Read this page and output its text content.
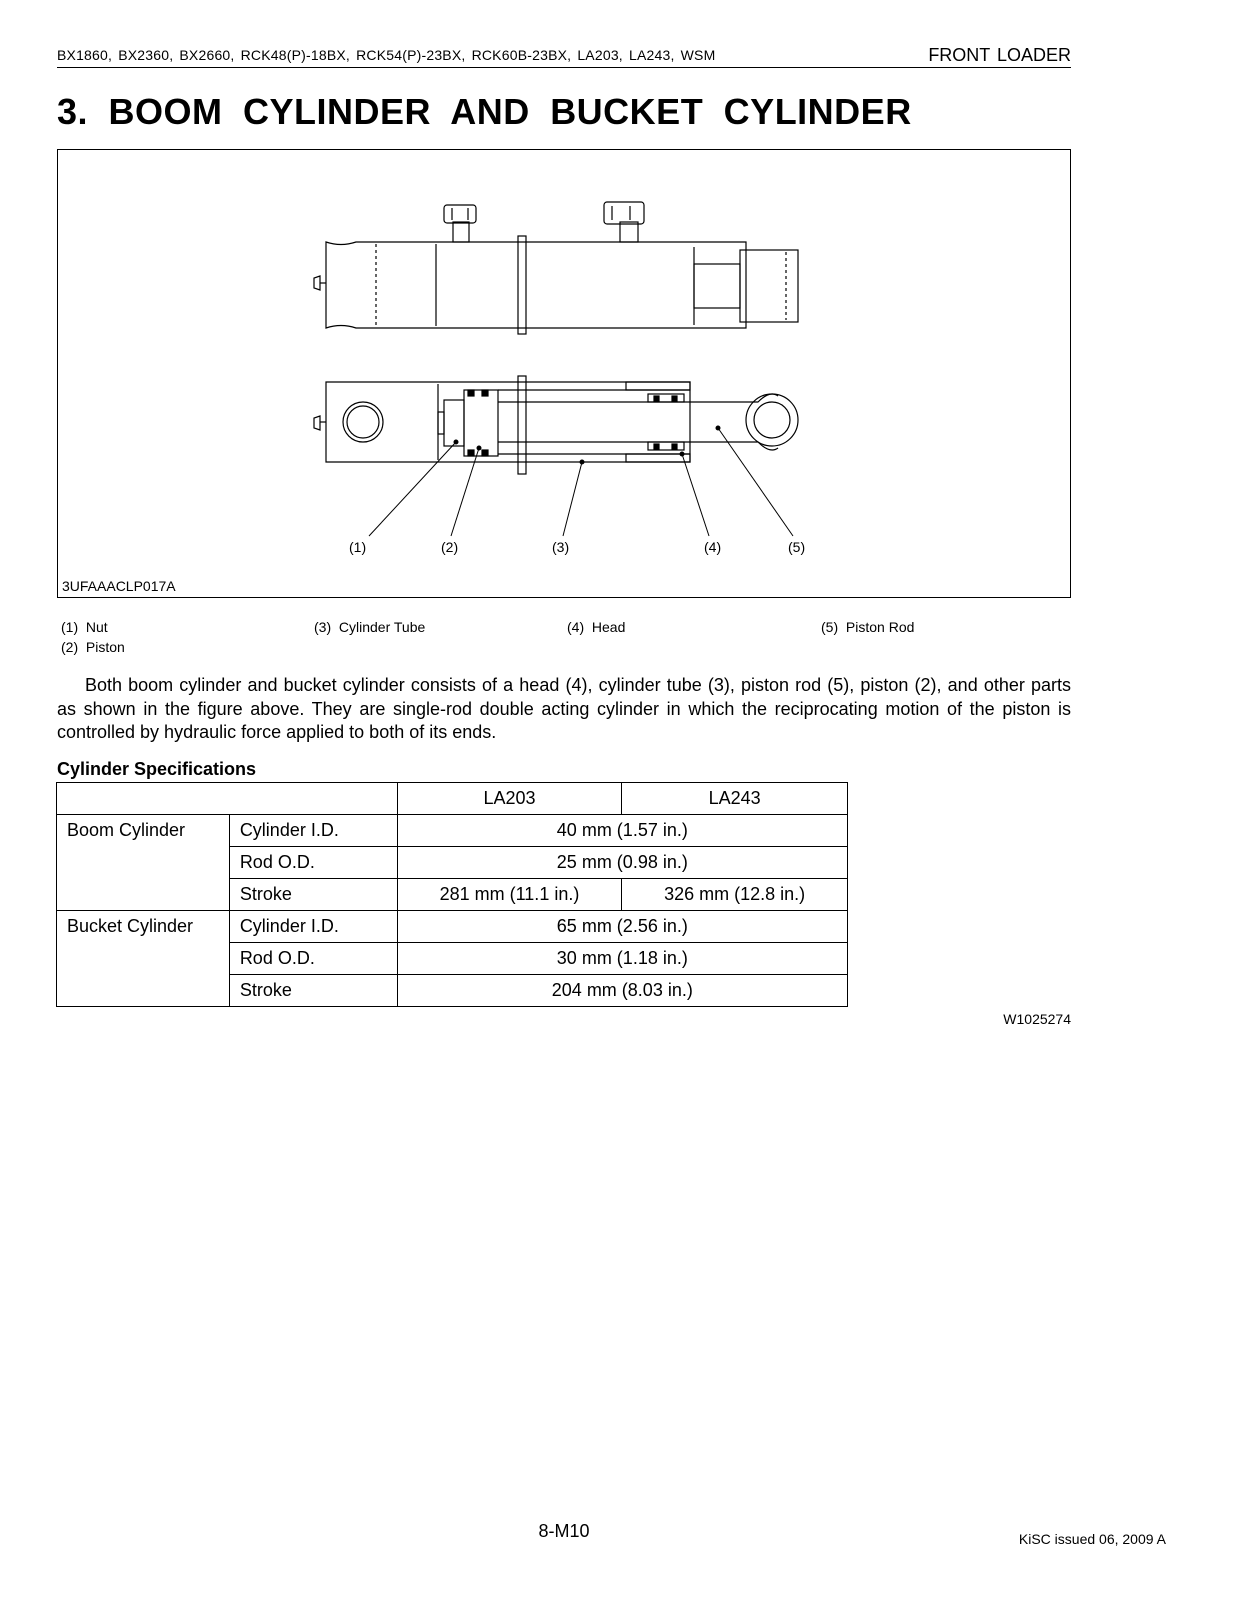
BX1860, BX2360, BX2660, RCK48(P)-18BX, RCK54(P)-23BX, RCK60B-23BX, LA203, LA243, WSM	FRONT LOADER
3. BOOM CYLINDER AND BUCKET CYLINDER
(1)	(2)	(3)	(4)	(5)
3UFAAACLP017A
(1) Nut
(2) Piston
(3) Cylinder Tube	(4) Head	(5) Piston Rod
Both boom cylinder and bucket cylinder consists of a head (4), cylinder tube (3), piston rod (5), piston (2), and other parts as shown in the figure above. They are single-rod double acting cylinder in which the reciprocating motion of the piston is controlled by hydraulic force applied to both of its ends.
Cylinder Specifications
		LA203	LA243
Boom Cylinder	Cylinder I.D.	40 mm (1.57 in.)	
	Rod O.D.	25 mm (0.98 in.)	
	Stroke	281 mm (11.1 in.)	326 mm (12.8 in.)
Bucket Cylinder	Cylinder I.D.	65 mm (2.56 in.)	
	Rod O.D.	30 mm (1.18 in.)	
	Stroke	204 mm (8.03 in.)	
W1025274
8-M10	KiSC issued 06, 2009 A
